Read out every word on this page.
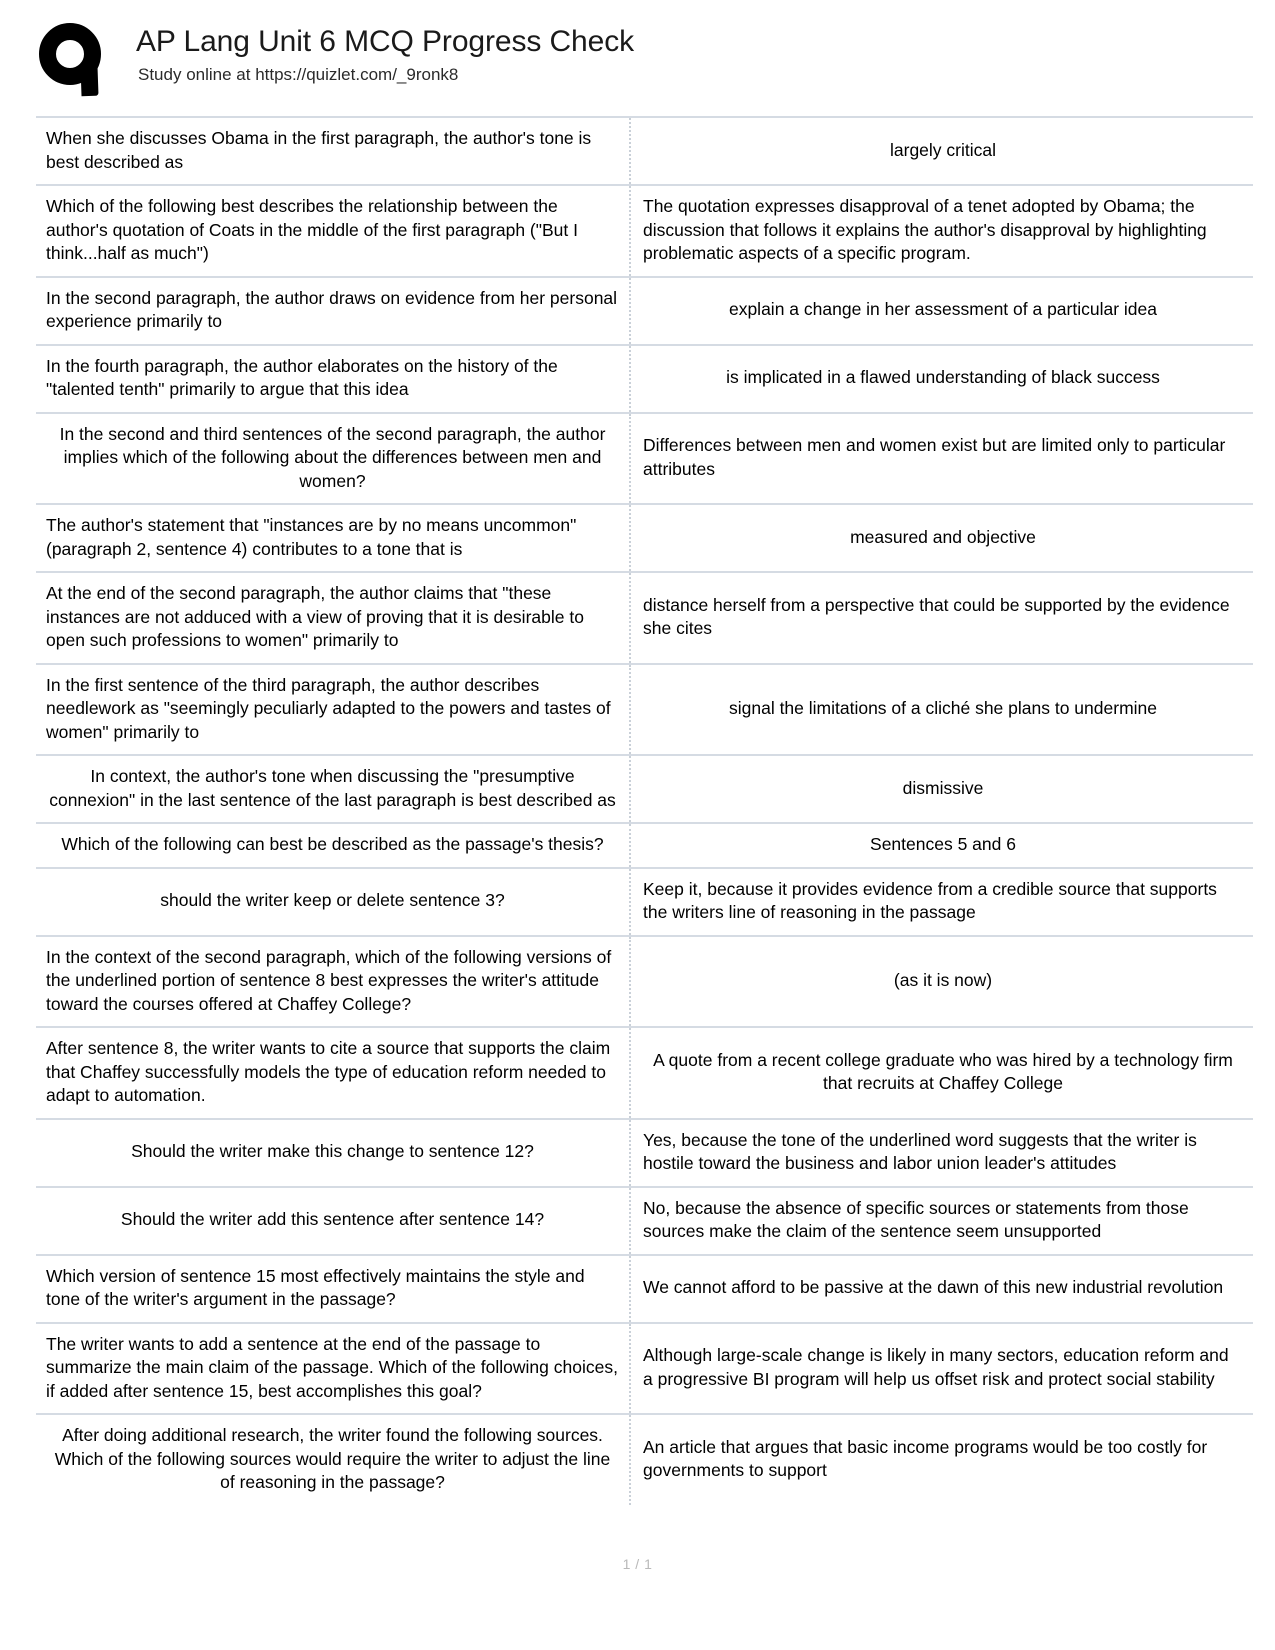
AP Lang Unit 6 MCQ Progress Check
Study online at https://quizlet.com/_9ronk8
When she discusses Obama in the first paragraph, the author's tone is best described as	largely critical
Which of the following best describes the relationship between the author's quotation of Coats in the middle of the first paragraph ("But I think...half as much")	The quotation expresses disapproval of a tenet adopted by Obama; the discussion that follows it explains the author's disapproval by highlighting problematic aspects of a specific program.
In the second paragraph, the author draws on evidence from her personal experience primarily to	explain a change in her assessment of a particular idea
In the fourth paragraph, the author elaborates on the history of the "talented tenth" primarily to argue that this idea	is implicated in a flawed understanding of black success
In the second and third sentences of the second paragraph, the author implies which of the following about the differences between men and women?	Differences between men and women exist but are limited only to particular attributes
The author's statement that "instances are by no means uncommon" (paragraph 2, sentence 4) contributes to a tone that is	measured and objective
At the end of the second paragraph, the author claims that "these instances are not adduced with a view of proving that it is desirable to open such professions to women" primarily to	distance herself from a perspective that could be supported by the evidence she cites
In the first sentence of the third paragraph, the author describes needlework as "seemingly peculiarly adapted to the powers and tastes of women" primarily to	signal the limitations of a cliché she plans to undermine
In context, the author's tone when discussing the "presumptive connexion" in the last sentence of the last paragraph is best described as	dismissive
Which of the following can best be described as the passage's thesis?	Sentences 5 and 6
should the writer keep or delete sentence 3?	Keep it, because it provides evidence from a credible source that supports the writers line of reasoning in the passage
In the context of the second paragraph, which of the following versions of the underlined portion of sentence 8 best expresses the writer's attitude toward the courses offered at Chaffey College?	(as it is now)
After sentence 8, the writer wants to cite a source that supports the claim that Chaffey successfully models the type of education reform needed to adapt to automation.	A quote from a recent college graduate who was hired by a technology firm that recruits at Chaffey College
Should the writer make this change to sentence 12?	Yes, because the tone of the underlined word suggests that the writer is hostile toward the business and labor union leader's attitudes
Should the writer add this sentence after sentence 14?	No, because the absence of specific sources or statements from those sources make the claim of the sentence seem unsupported
Which version of sentence 15 most effectively maintains the style and tone of the writer's argument in the passage?	We cannot afford to be passive at the dawn of this new industrial revolution
The writer wants to add a sentence at the end of the passage to summarize the main claim of the passage. Which of the following choices, if added after sentence 15, best accomplishes this goal?	Although large-scale change is likely in many sectors, education reform and a progressive BI program will help us offset risk and protect social stability
After doing additional research, the writer found the following sources. Which of the following sources would require the writer to adjust the line of reasoning in the passage?	An article that argues that basic income programs would be too costly for governments to support
1 / 1
